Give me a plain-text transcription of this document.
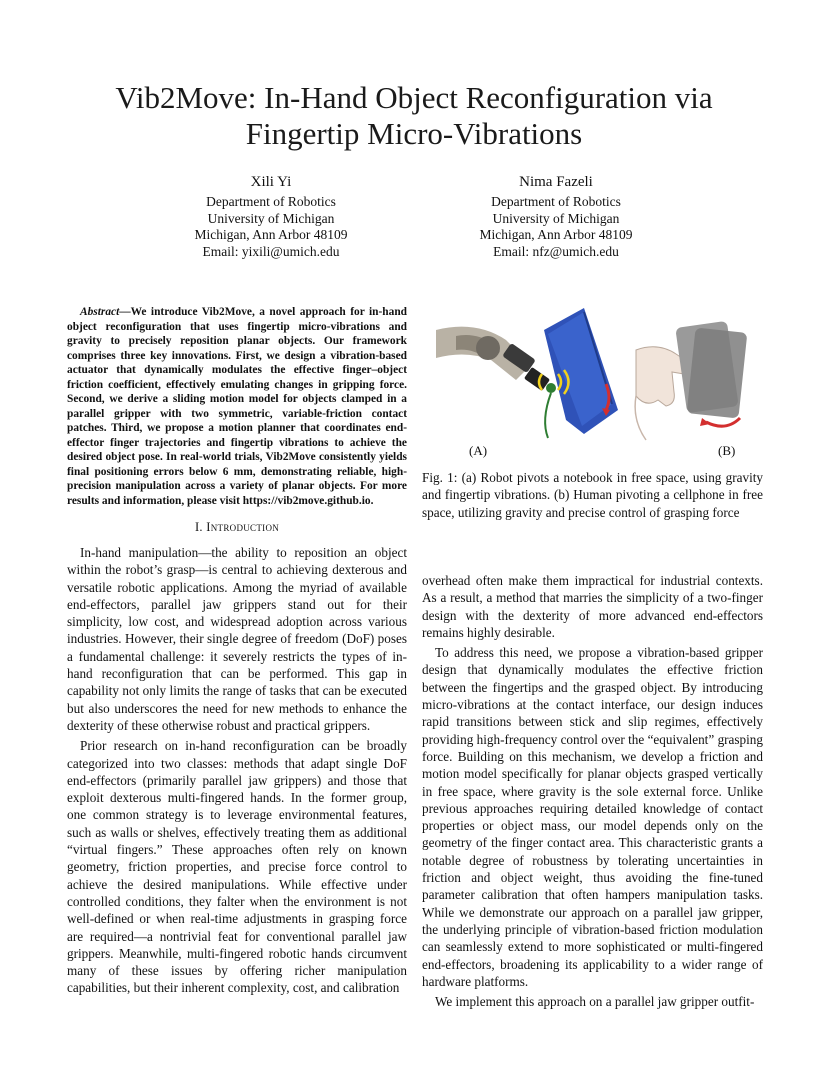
Vib2Move: In-Hand Object Reconfiguration via
Fingertip Micro-Vibrations
Xili Yi
Department of Robotics
University of Michigan
Michigan, Ann Arbor 48109
Email: yixili@umich.edu
Nima Fazeli
Department of Robotics
University of Michigan
Michigan, Ann Arbor 48109
Email: nfz@umich.edu
Abstract—We introduce Vib2Move, a novel approach for in-hand object reconfiguration that uses fingertip micro-vibrations and gravity to precisely reposition planar objects. Our framework comprises three key innovations. First, we design a vibration-based actuator that dynamically modulates the effective finger–object friction coefficient, effectively emulating changes in gripping force. Second, we derive a sliding motion model for objects clamped in a parallel gripper with two symmetric, variable-friction contact patches. Third, we propose a motion planner that coordinates end-effector finger trajectories and fingertip vibrations to achieve the desired object pose. In real-world trials, Vib2Move consistently yields final positioning errors below 6 mm, demonstrating reliable, high-precision manipulation across a variety of planar objects. For more results and information, please visit https://vib2move.github.io.
I. Introduction

In-hand manipulation—the ability to reposition an object within the robot’s grasp—is central to achieving dexterous and versatile robotic applications. Among the myriad of available end-effectors, parallel jaw grippers stand out for their simplicity, low cost, and widespread adoption across various industries. However, their single degree of freedom (DoF) poses a fundamental challenge: it severely restricts the types of in-hand reconfiguration that can be performed. This gap in capability not only limits the range of tasks that can be executed but also underscores the need for new methods to enhance the dexterity of these otherwise robust and practical grippers.

Prior research on in-hand reconfiguration can be broadly categorized into two classes: methods that adapt single DoF end-effectors (primarily parallel jaw grippers) and those that exploit dexterous multi-fingered hands. In the former group, one common strategy is to leverage environmental features, such as walls or shelves, effectively treating them as additional “virtual fingers.” These approaches often rely on known geometry, friction properties, and precise force control to achieve the desired manipulations. While effective under controlled conditions, they falter when the environment is not well-defined or when real-time adjustments in grasping force are required—a nontrivial feat for conventional parallel jaw grippers. Meanwhile, multi-fingered robotic hands circumvent many of these issues by offering richer manipulation capabilities, but their inherent complexity, cost, and calibration

(A)	(B)
Fig. 1: (a) Robot pivots a notebook in free space, using gravity and fingertip vibrations. (b) Human pivoting a cellphone in free space, utilizing gravity and precise control of grasping force

overhead often make them impractical for industrial contexts. As a result, a method that marries the simplicity of a two-finger design with the dexterity of more advanced end-effectors remains highly desirable.

To address this need, we propose a vibration-based gripper design that dynamically modulates the effective friction between the fingertips and the grasped object. By introducing micro-vibrations at the contact interface, our design induces rapid transitions between stick and slip regimes, effectively providing high-frequency control over the “equivalent” grasping force. Building on this mechanism, we develop a friction and motion model specifically for planar objects grasped vertically in free space, where gravity is the sole external force. Unlike previous approaches requiring detailed knowledge of contact properties or object mass, our model depends only on the geometry of the finger contact area. This characteristic grants a notable degree of robustness by tolerating uncertainties in friction and object weight, thus avoiding the fine-tuned parameter calibration that often hampers manipulation tasks. While we demonstrate our approach on a parallel jaw gripper, the underlying principle of vibration-based friction modulation can seamlessly extend to more sophisticated or multi-fingered end-effectors, broadening its applicability to a wider range of hardware platforms.

We implement this approach on a parallel jaw gripper outfit-
